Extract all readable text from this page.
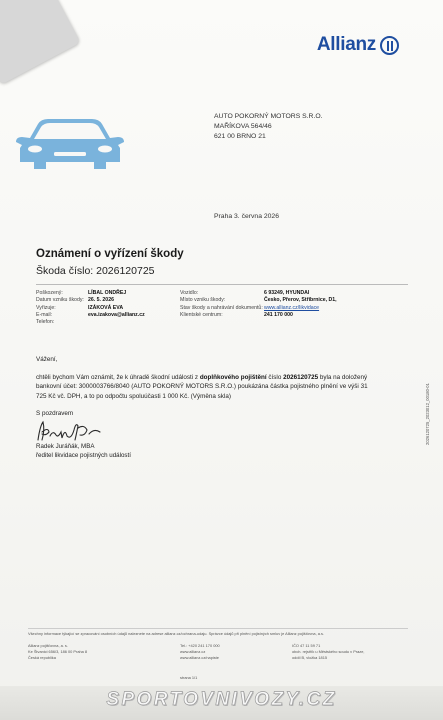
Allianz
AUTO POKORNÝ MOTORS S.R.O.
MAŘÍKOVA 564/46
621 00 BRNO 21
Praha 3. června 2026
Oznámení o vyřízení škody
Škoda číslo: 2026120725
Poškozený:	LÍBAL ONDŘEJ
Datum vzniku škody: 26. 5. 2026
Vyřizuje:	IZÁKOVÁ EVA
E-mail:	eva.izakova@allianz.cz
Telefon:
Vozidlo:	6 93249, HYUNDAI
Místo vzniku škody:	Česko, Přerov, Střibrnice, D1,
Stav škody a nahrávání dokumentů: www.allianz.cz/likvidace
Klientské centrum:	241 170 000

Vážení,

chtěli bychom Vám oznámit, že k úhradě škodní události z doplňkového pojištění číslo 2026120725 byla na doložený bankovní účet: 3000003766/8040 (AUTO POKORNÝ MOTORS S.R.O.) poukázána částka pojistného plnění ve výši 31 725 Kč vč. DPH, a to po odpočtu spoluúčasti 1 000 Kč. (Výměna skla)

S pozdravem

Radek Juráňák, MBA
ředitel likvidace pojistných událostí
2026120725_2023012_00180-01
Všechny informace týkající se zpracování osobních údajů naleznete na adrese allianz.cz/ochrana-udaju. Správce údajů při plnění pojistných smluv je Allianz pojišťovna, a.s.
Allianz pojišťovna, a. s.
Ke Štvanici 656/3, 186 00 Praha 8
Česká republika
Tel.: +420 241 170 000
www.allianz.cz
www.allianz.cz/napiste
IČO 47 11 59 71
obch. rejstřík u Městského soudu v Praze,
oddíl B, vložka 1815
strana 1/1
SPORTOVNIVOZY.CZ
